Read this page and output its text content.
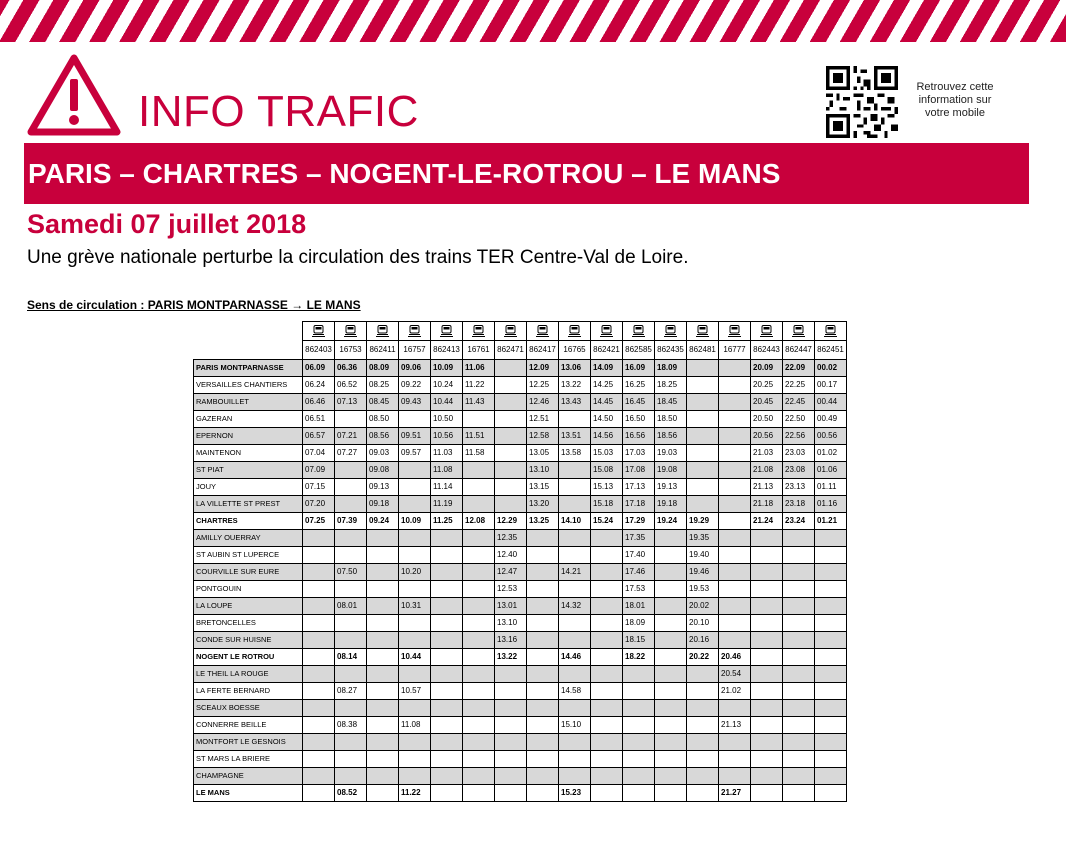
INFO TRAFIC	Retrouvez cette information sur votre mobile
PARIS – CHARTRES – NOGENT-LE-ROTROU – LE MANS
Samedi 07 juillet 2018
Une grève nationale perturbe la circulation des trains TER Centre-Val de Loire.
Sens de circulation : PARIS MONTPARNASSE → LE MANS

	862403	16753	862411	16757	862413	16761	862471	862417	16765	862421	862585	862435	862481	16777	862443	862447	862451
PARIS MONTPARNASSE	06.09	06.36	08.09	09.06	10.09	11.06		12.09	13.06	14.09	16.09	18.09			20.09	22.09	00.02
VERSAILLES CHANTIERS	06.24	06.52	08.25	09.22	10.24	11.22		12.25	13.22	14.25	16.25	18.25			20.25	22.25	00.17
RAMBOUILLET	06.46	07.13	08.45	09.43	10.44	11.43		12.46	13.43	14.45	16.45	18.45			20.45	22.45	00.44
GAZERAN	06.51		08.50		10.50			12.51		14.50	16.50	18.50			20.50	22.50	00.49
EPERNON	06.57	07.21	08.56	09.51	10.56	11.51		12.58	13.51	14.56	16.56	18.56			20.56	22.56	00.56
MAINTENON	07.04	07.27	09.03	09.57	11.03	11.58		13.05	13.58	15.03	17.03	19.03			21.03	23.03	01.02
ST PIAT	07.09		09.08		11.08			13.10		15.08	17.08	19.08			21.08	23.08	01.06
JOUY	07.15		09.13		11.14			13.15		15.13	17.13	19.13			21.13	23.13	01.11
LA VILLETTE ST PREST	07.20		09.18		11.19			13.20		15.18	17.18	19.18			21.18	23.18	01.16
CHARTRES	07.25	07.39	09.24	10.09	11.25	12.08	12.29	13.25	14.10	15.24	17.29	19.24	19.29		21.24	23.24	01.21
AMILLY OUERRAY							12.35				17.35		19.35				
ST AUBIN ST LUPERCE							12.40				17.40		19.40				
COURVILLE SUR EURE		07.50		10.20			12.47		14.21		17.46		19.46				
PONTGOUIN							12.53				17.53		19.53				
LA LOUPE		08.01		10.31			13.01		14.32		18.01		20.02				
BRETONCELLES							13.10				18.09		20.10				
CONDE SUR HUISNE							13.16				18.15		20.16				
NOGENT LE ROTROU		08.14		10.44			13.22		14.46		18.22		20.22	20.46			
LE THEIL LA ROUGE														20.54			
LA FERTE BERNARD		08.27		10.57					14.58					21.02			
SCEAUX BOESSE																	
CONNERRE BEILLE		08.38		11.08					15.10					21.13			
MONTFORT LE GESNOIS																	
ST MARS LA BRIERE																	
CHAMPAGNE																	
LE MANS		08.52		11.22					15.23					21.27			
